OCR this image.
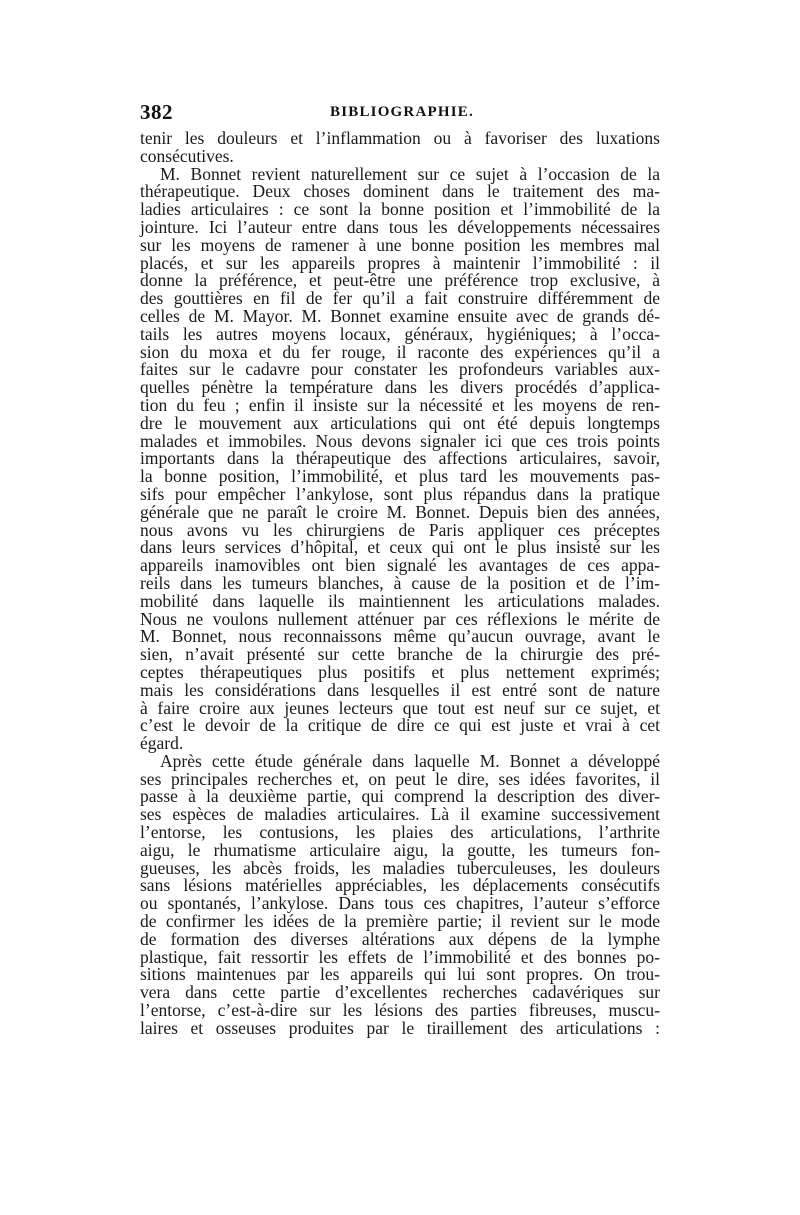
382	BIBLIOGRAPHIE.
tenir les douleurs et l’inflammation ou à favoriser des luxations
consécutives.
M. Bonnet revient naturellement sur ce sujet à l’occasion de la
thérapeutique. Deux choses dominent dans le traitement des ma-
ladies articulaires : ce sont la bonne position et l’immobilité de la
jointure. Ici l’auteur entre dans tous les développements nécessaires
sur les moyens de ramener à une bonne position les membres mal
placés, et sur les appareils propres à maintenir l’immobilité : il
donne la préférence, et peut-être une préférence trop exclusive, à
des gouttières en fil de fer qu’il a fait construire différemment de
celles de M. Mayor. M. Bonnet examine ensuite avec de grands dé-
tails les autres moyens locaux, généraux, hygiéniques; à l’occa-
sion du moxa et du fer rouge, il raconte des expériences qu’il a
faites sur le cadavre pour constater les profondeurs variables aux-
quelles pénètre la température dans les divers procédés d’applica-
tion du feu ; enfin il insiste sur la nécessité et les moyens de ren-
dre le mouvement aux articulations qui ont été depuis longtemps
malades et immobiles. Nous devons signaler ici que ces trois points
importants dans la thérapeutique des affections articulaires, savoir,
la bonne position, l’immobilité, et plus tard les mouvements pas-
sifs pour empêcher l’ankylose, sont plus répandus dans la pratique
générale que ne paraît le croire M. Bonnet. Depuis bien des années,
nous avons vu les chirurgiens de Paris appliquer ces préceptes
dans leurs services d’hôpital, et ceux qui ont le plus insisté sur les
appareils inamovibles ont bien signalé les avantages de ces appa-
reils dans les tumeurs blanches, à cause de la position et de l’im-
mobilité dans laquelle ils maintiennent les articulations malades.
Nous ne voulons nullement atténuer par ces réflexions le mérite de
M. Bonnet, nous reconnaissons même qu’aucun ouvrage, avant le
sien, n’avait présenté sur cette branche de la chirurgie des pré-
ceptes thérapeutiques plus positifs et plus nettement exprimés;
mais les considérations dans lesquelles il est entré sont de nature
à faire croire aux jeunes lecteurs que tout est neuf sur ce sujet, et
c’est le devoir de la critique de dire ce qui est juste et vrai à cet
égard.
Après cette étude générale dans laquelle M. Bonnet a développé
ses principales recherches et, on peut le dire, ses idées favorites, il
passe à la deuxième partie, qui comprend la description des diver-
ses espèces de maladies articulaires. Là il examine successivement
l’entorse, les contusions, les plaies des articulations, l’arthrite
aigu, le rhumatisme articulaire aigu, la goutte, les tumeurs fon-
gueuses, les abcès froids, les maladies tuberculeuses, les douleurs
sans lésions matérielles appréciables, les déplacements consécutifs
ou spontanés, l’ankylose. Dans tous ces chapitres, l’auteur s’efforce
de confirmer les idées de la première partie; il revient sur le mode
de formation des diverses altérations aux dépens de la lymphe
plastique, fait ressortir les effets de l’immobilité et des bonnes po-
sitions maintenues par les appareils qui lui sont propres. On trou-
vera dans cette partie d’excellentes recherches cadavériques sur
l’entorse, c’est-à-dire sur les lésions des parties fibreuses, muscu-
laires et osseuses produites par le tiraillement des articulations :
